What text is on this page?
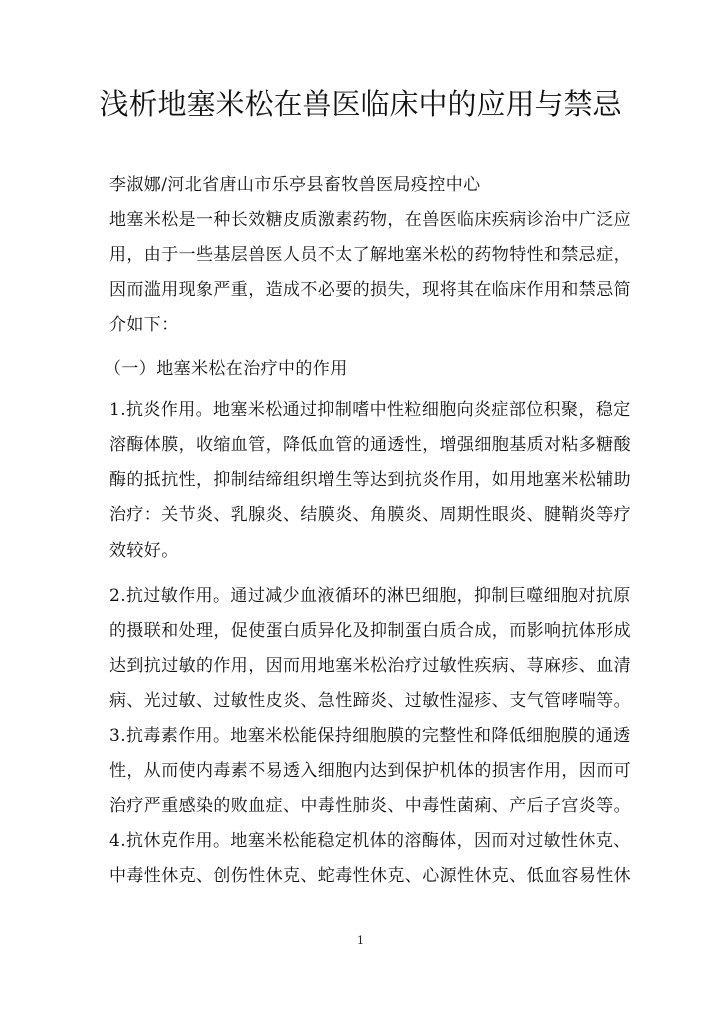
浅析地塞米松在兽医临床中的应用与禁忌
李淑娜/河北省唐山市乐亭县畜牧兽医局疫控中心
地塞米松是一种长效糖皮质激素药物，在兽医临床疾病诊治中广泛应
用，由于一些基层兽医人员不太了解地塞米松的药物特性和禁忌症，
因而滥用现象严重，造成不必要的损失，现将其在临床作用和禁忌简
介如下：
（一）地塞米松在治疗中的作用
1.抗炎作用。地塞米松通过抑制嗜中性粒细胞向炎症部位积聚，稳定
溶酶体膜，收缩血管，降低血管的通透性，增强细胞基质对粘多糖酸
酶的抵抗性，抑制结缔组织增生等达到抗炎作用，如用地塞米松辅助
治疗：关节炎、乳腺炎、结膜炎、角膜炎、周期性眼炎、腱鞘炎等疗
效较好。
2.抗过敏作用。通过减少血液循环的淋巴细胞，抑制巨噬细胞对抗原
的摄联和处理，促使蛋白质异化及抑制蛋白质合成，而影响抗体形成
达到抗过敏的作用，因而用地塞米松治疗过敏性疾病、荨麻疹、血清
病、光过敏、过敏性皮炎、急性蹄炎、过敏性湿疹、支气管哮喘等。
3.抗毒素作用。地塞米松能保持细胞膜的完整性和降低细胞膜的通透
性，从而使内毒素不易透入细胞内达到保护机体的损害作用，因而可
治疗严重感染的败血症、中毒性肺炎、中毒性菌痢、产后子宫炎等。
4.抗休克作用。地塞米松能稳定机体的溶酶体，因而对过敏性休克、
中毒性休克、创伤性休克、蛇毒性休克、心源性休克、低血容易性休
1
